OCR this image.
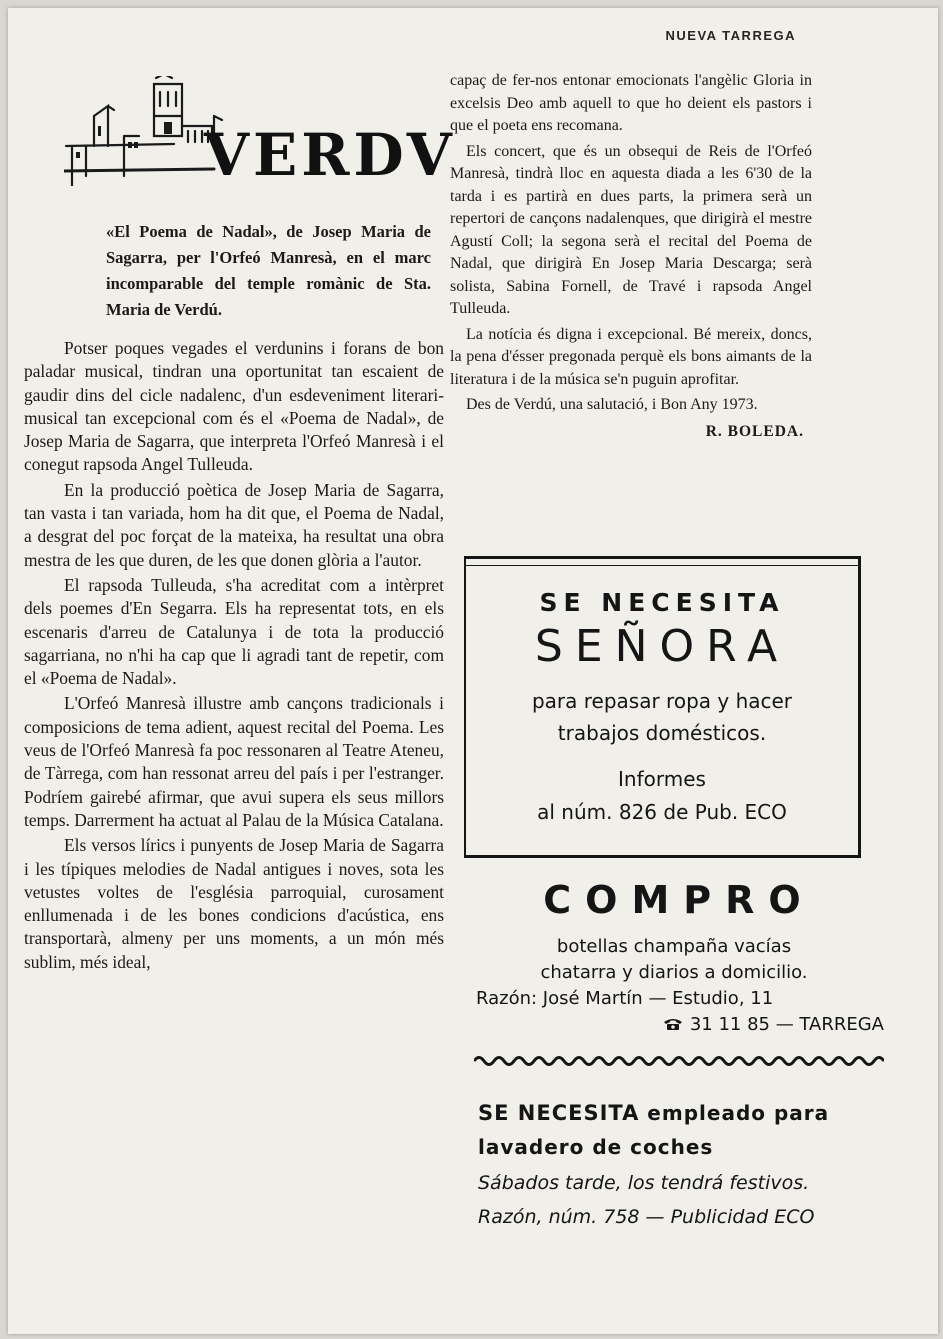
NUEVA TARREGA
VERDV
«El Poema de Nadal», de Josep Maria de Sagarra, per l'Orfeó Manresà, en el marc incomparable del temple romànic de Sta. Maria de Verdú.

Potser poques vegades el verdunins i forans de bon paladar musical, tindran una oportunitat tan escaient de gaudir dins del cicle nadalenc, d'un esdeveniment literari-musical tan excepcional com és el «Poema de Nadal», de Josep Maria de Sagarra, que interpreta l'Orfeó Manresà i el conegut rapsoda Angel Tulleuda.

En la producció poètica de Josep Maria de Sagarra, tan vasta i tan variada, hom ha dit que, el Poema de Nadal, a desgrat del poc forçat de la mateixa, ha resultat una obra mestra de les que duren, de les que donen glòria a l'autor.

El rapsoda Tulleuda, s'ha acreditat com a intèrpret dels poemes d'En Segarra. Els ha representat tots, en els escenaris d'arreu de Catalunya i de tota la producció sagarriana, no n'hi ha cap que li agradi tant de repetir, com el «Poema de Nadal».

L'Orfeó Manresà illustre amb cançons tradicionals i composicions de tema adient, aquest recital del Poema. Les veus de l'Orfeó Manresà fa poc ressonaren al Teatre Ateneu, de Tàrrega, com han ressonat arreu del país i per l'estranger. Podríem gairebé afirmar, que avui supera els seus millors temps. Darrerment ha actuat al Palau de la Música Catalana.

Els versos lírics i punyents de Josep Maria de Sagarra i les típiques melodies de Nadal antigues i noves, sota les vetustes voltes de l'església parroquial, curosament enllumenada i de les bones condicions d'acústica, ens transportarà, almeny per uns moments, a un món més sublim, més ideal,

capaç de fer-nos entonar emocionats l'angèlic Gloria in excelsis Deo amb aquell to que ho deient els pastors i que el poeta ens recomana.

Els concert, que és un obsequi de Reis de l'Orfeó Manresà, tindrà lloc en aquesta diada a les 6'30 de la tarda i es partirà en dues parts, la primera serà un repertori de cançons nadalenques, que dirigirà el mestre Agustí Coll; la segona serà el recital del Poema de Nadal, que dirigirà En Josep Maria Descarga; serà solista, Sabina Fornell, de Travé i rapsoda Angel Tulleuda.

La notícia és digna i excepcional. Bé mereix, doncs, la pena d'ésser pregonada perquè els bons aimants de la literatura i de la música se'n puguin aprofitar.

Des de Verdú, una salutació, i Bon Any 1973.

R. BOLEDA.
SE NECESITA
SEÑORA
para repasar ropa y hacer
trabajos domésticos.
Informes
al núm. 826 de Pub. ECO
COMPRO
botellas champaña vacías
chatarra y diarios a domicilio.
Razón: José Martín — Estudio, 11
31 11 85 — TARREGA
SE NECESITA empleado para
lavadero de coches
Sábados tarde, los tendrá festivos.
Razón, núm. 758 — Publicidad ECO
